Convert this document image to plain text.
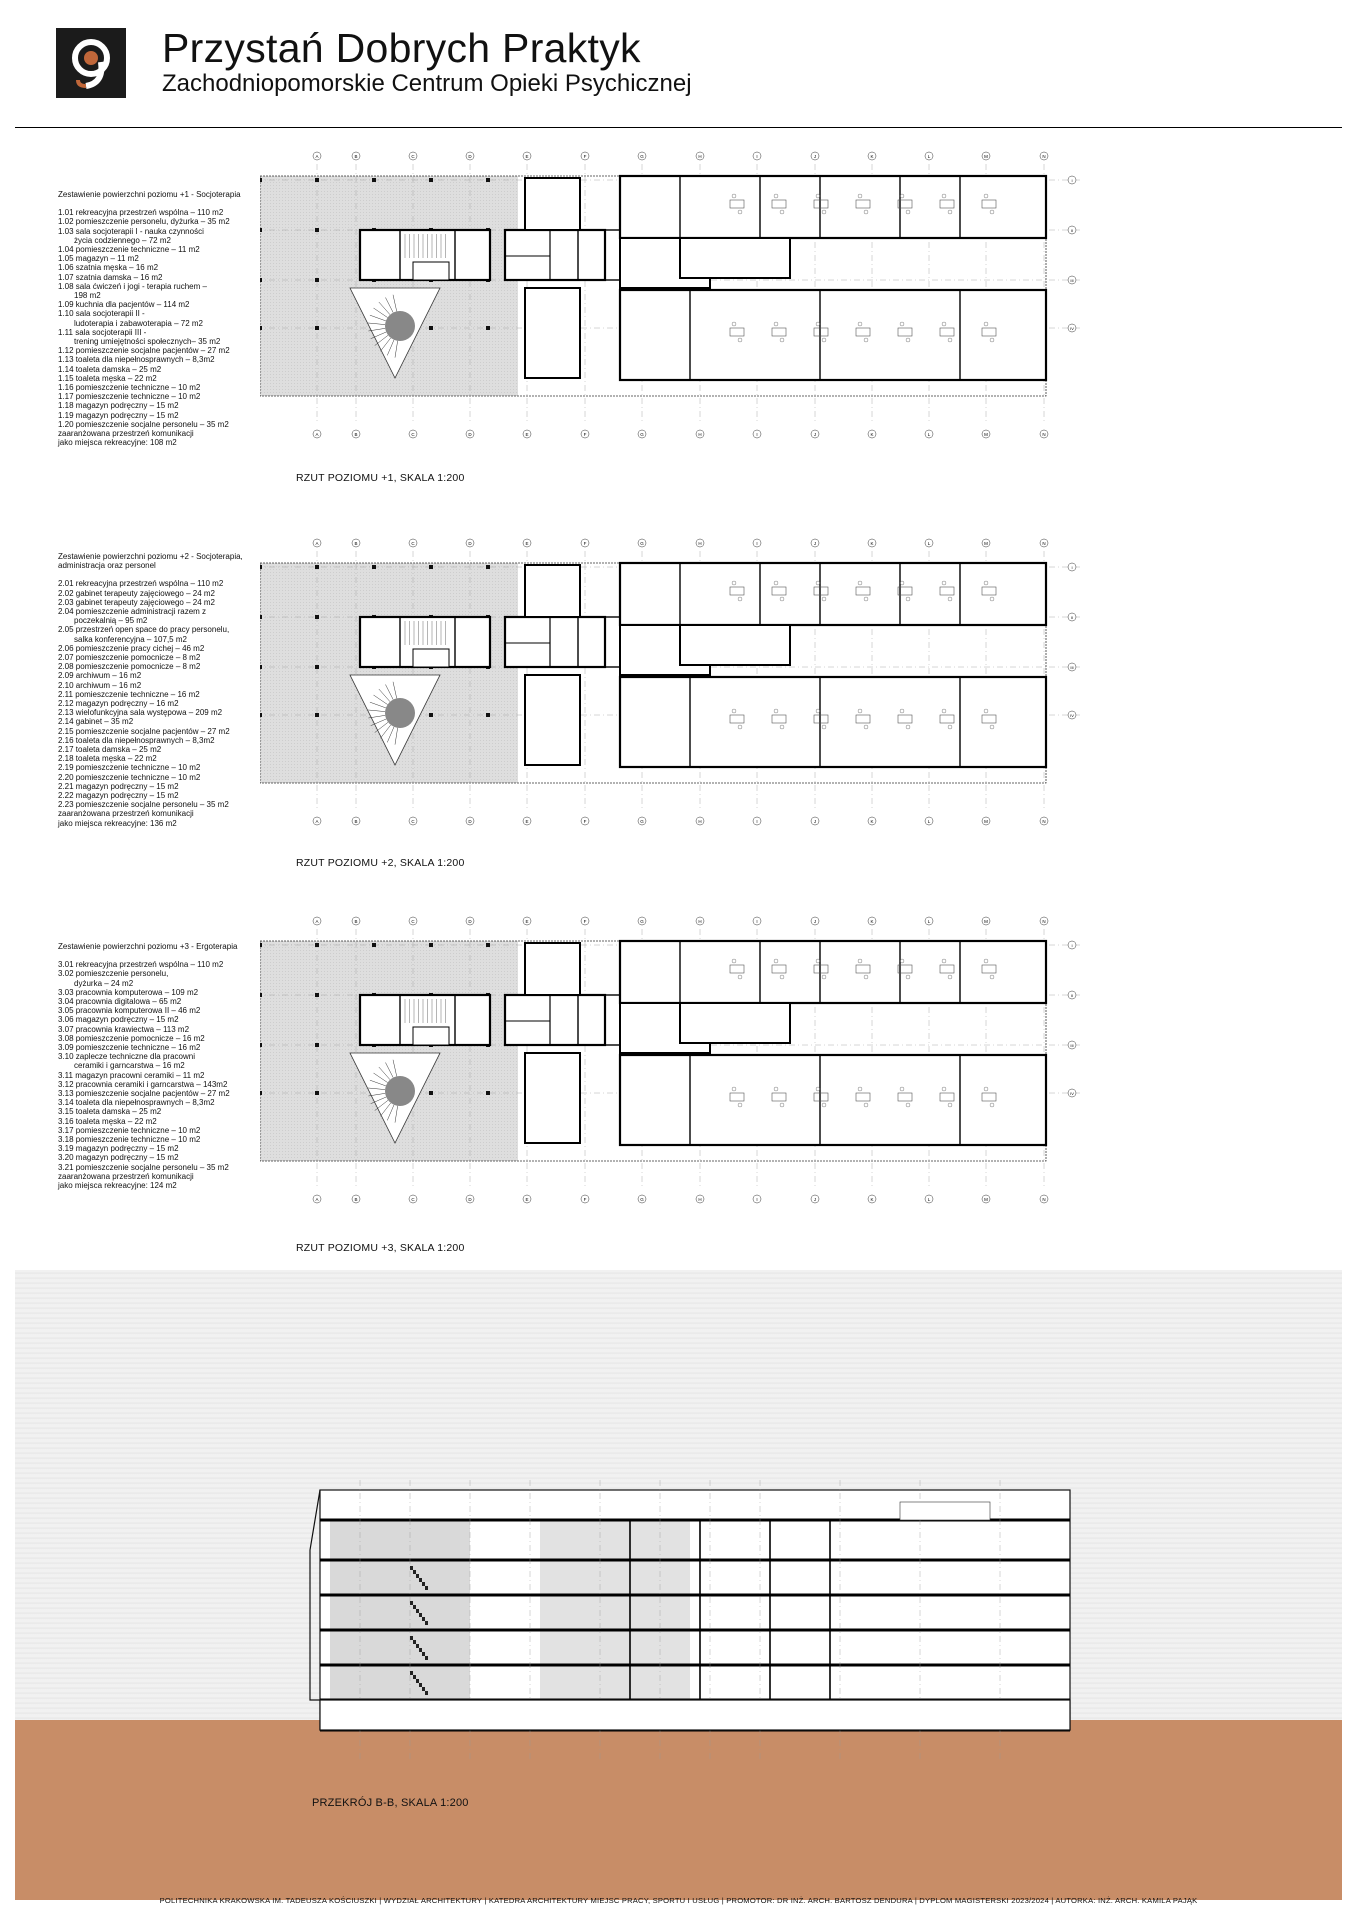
Przystań Dobrych Praktyk
Zachodniopomorskie Centrum Opieki Psychicznej
Zestawienie powierzchni poziomu +1 - Socjoterapia
1.01 rekreacyjna przestrzeń wspólna – 110 m2
1.02 pomieszczenie personelu, dyżurka – 35 m2
1.03 sala socjoterapii I - nauka czynności
życia codziennego – 72 m2
1.04 pomieszczenie techniczne – 11 m2
1.05 magazyn – 11 m2
1.06 szatnia męska – 16 m2
1.07 szatnia damska – 16 m2
1.08 sala ćwiczeń i jogi - terapia ruchem –
198 m2
1.09 kuchnia dla pacjentów – 114 m2
1.10 sala socjoterapii II -
ludoterapia i zabawoterapia – 72 m2
1.11 sala socjoterapii III -
trening umiejętności społecznych– 35 m2
1.12 pomieszczenie socjalne pacjentów – 27 m2
1.13 toaleta dla niepełnosprawnych – 8,3m2
1.14 toaleta damska – 25 m2
1.15 toaleta męska – 22 m2
1.16 pomieszczenie techniczne – 10 m2
1.17 pomieszczenie techniczne – 10 m2
1.18 magazyn podręczny – 15 m2
1.19 magazyn podręczny – 15 m2
1.20 pomieszczenie socjalne personelu – 35 m2
zaaranżowana przestrzeń komunikacji
jako miejsca rekreacyjne: 108 m2
Zestawienie powierzchni poziomu +2 - Socjoterapia, administracja oraz personel
2.01 rekreacyjna przestrzeń wspólna – 110 m2
2.02 gabinet terapeuty zajęciowego – 24 m2
2.03 gabinet terapeuty zajęciowego – 24 m2
2.04 pomieszczenie administracji razem z
poczekalnią – 95 m2
2.05 przestrzeń open space do pracy personelu,
salka konferencyjna – 107,5 m2
2.06 pomieszczenie pracy cichej – 46 m2
2.07 pomieszczenie pomocnicze – 8 m2
2.08 pomieszczenie pomocnicze – 8 m2
2.09 archiwum – 16 m2
2.10 archiwum – 16 m2
2.11 pomieszczenie techniczne – 16 m2
2.12 magazyn podręczny – 16 m2
2.13 wielofunkcyjna sala występowa – 209 m2
2.14 gabinet – 35 m2
2.15 pomieszczenie socjalne pacjentów – 27 m2
2.16 toaleta dla niepełnosprawnych – 8,3m2
2.17 toaleta damska – 25 m2
2.18 toaleta męska – 22 m2
2.19 pomieszczenie techniczne – 10 m2
2.20 pomieszczenie techniczne – 10 m2
2.21 magazyn podręczny – 15 m2
2.22 magazyn podręczny – 15 m2
2.23 pomieszczenie socjalne personelu – 35 m2
zaaranżowana przestrzeń komunikacji
jako miejsca rekreacyjne: 136 m2
Zestawienie powierzchni poziomu +3 - Ergoterapia
3.01 rekreacyjna przestrzeń wspólna – 110 m2
3.02 pomieszczenie personelu,
dyżurka – 24 m2
3.03 pracownia komputerowa – 109 m2
3.04 pracownia digitalowa – 65 m2
3.05 pracownia komputerowa II – 46 m2
3.06 magazyn podręczny – 15 m2
3.07 pracownia krawiectwa – 113 m2
3.08 pomieszczenie pomocnicze – 16 m2
3.09 pomieszczenie techniczne – 16 m2
3.10 zaplecze techniczne dla pracowni
ceramiki i garncarstwa – 16 m2
3.11 magazyn pracowni ceramiki – 11 m2
3.12 pracownia ceramiki i garncarstwa – 143m2
3.13 pomieszczenie socjalne pacjentów – 27 m2
3.14 toaleta dla niepełnosprawnych – 8,3m2
3.15 toaleta damska – 25 m2
3.16 toaleta męska – 22 m2
3.17 pomieszczenie techniczne – 10 m2
3.18 pomieszczenie techniczne – 10 m2
3.19 magazyn podręczny – 15 m2
3.20 magazyn podręczny – 15 m2
3.21 pomieszczenie socjalne personelu – 35 m2
zaaranżowana przestrzeń komunikacji
jako miejsca rekreacyjne: 124 m2
A
A
B
B
C
C
D
D
E
E
F
F
G
G
H
H
I
I
J
J
K
K
L
L
M
M
N
N
I
II
III
IV
RZUT POZIOMU +1, SKALA 1:200
A
A
B
B
C
C
D
D
E
E
F
F
G
G
H
H
I
I
J
J
K
K
L
L
M
M
N
N
I
II
III
IV
RZUT POZIOMU +2, SKALA 1:200
A
A
B
B
C
C
D
D
E
E
F
F
G
G
H
H
I
I
J
J
K
K
L
L
M
M
N
N
I
II
III
IV
RZUT POZIOMU +3, SKALA 1:200
PRZEKRÓJ B-B, SKALA 1:200
POLITECHNIKA KRAKOWSKA IM. TADEUSZA KOŚCIUSZKI | WYDZIAŁ ARCHITEKTURY | KATEDRA ARCHITEKTURY MIEJSC PRACY, SPORTU I USŁUG | PROMOTOR: DR INŻ. ARCH. BARTOSZ DENDURA | DYPLOM MAGISTERSKI 2023/2024 | AUTORKA: INŻ. ARCH. KAMILA PAJĄK
